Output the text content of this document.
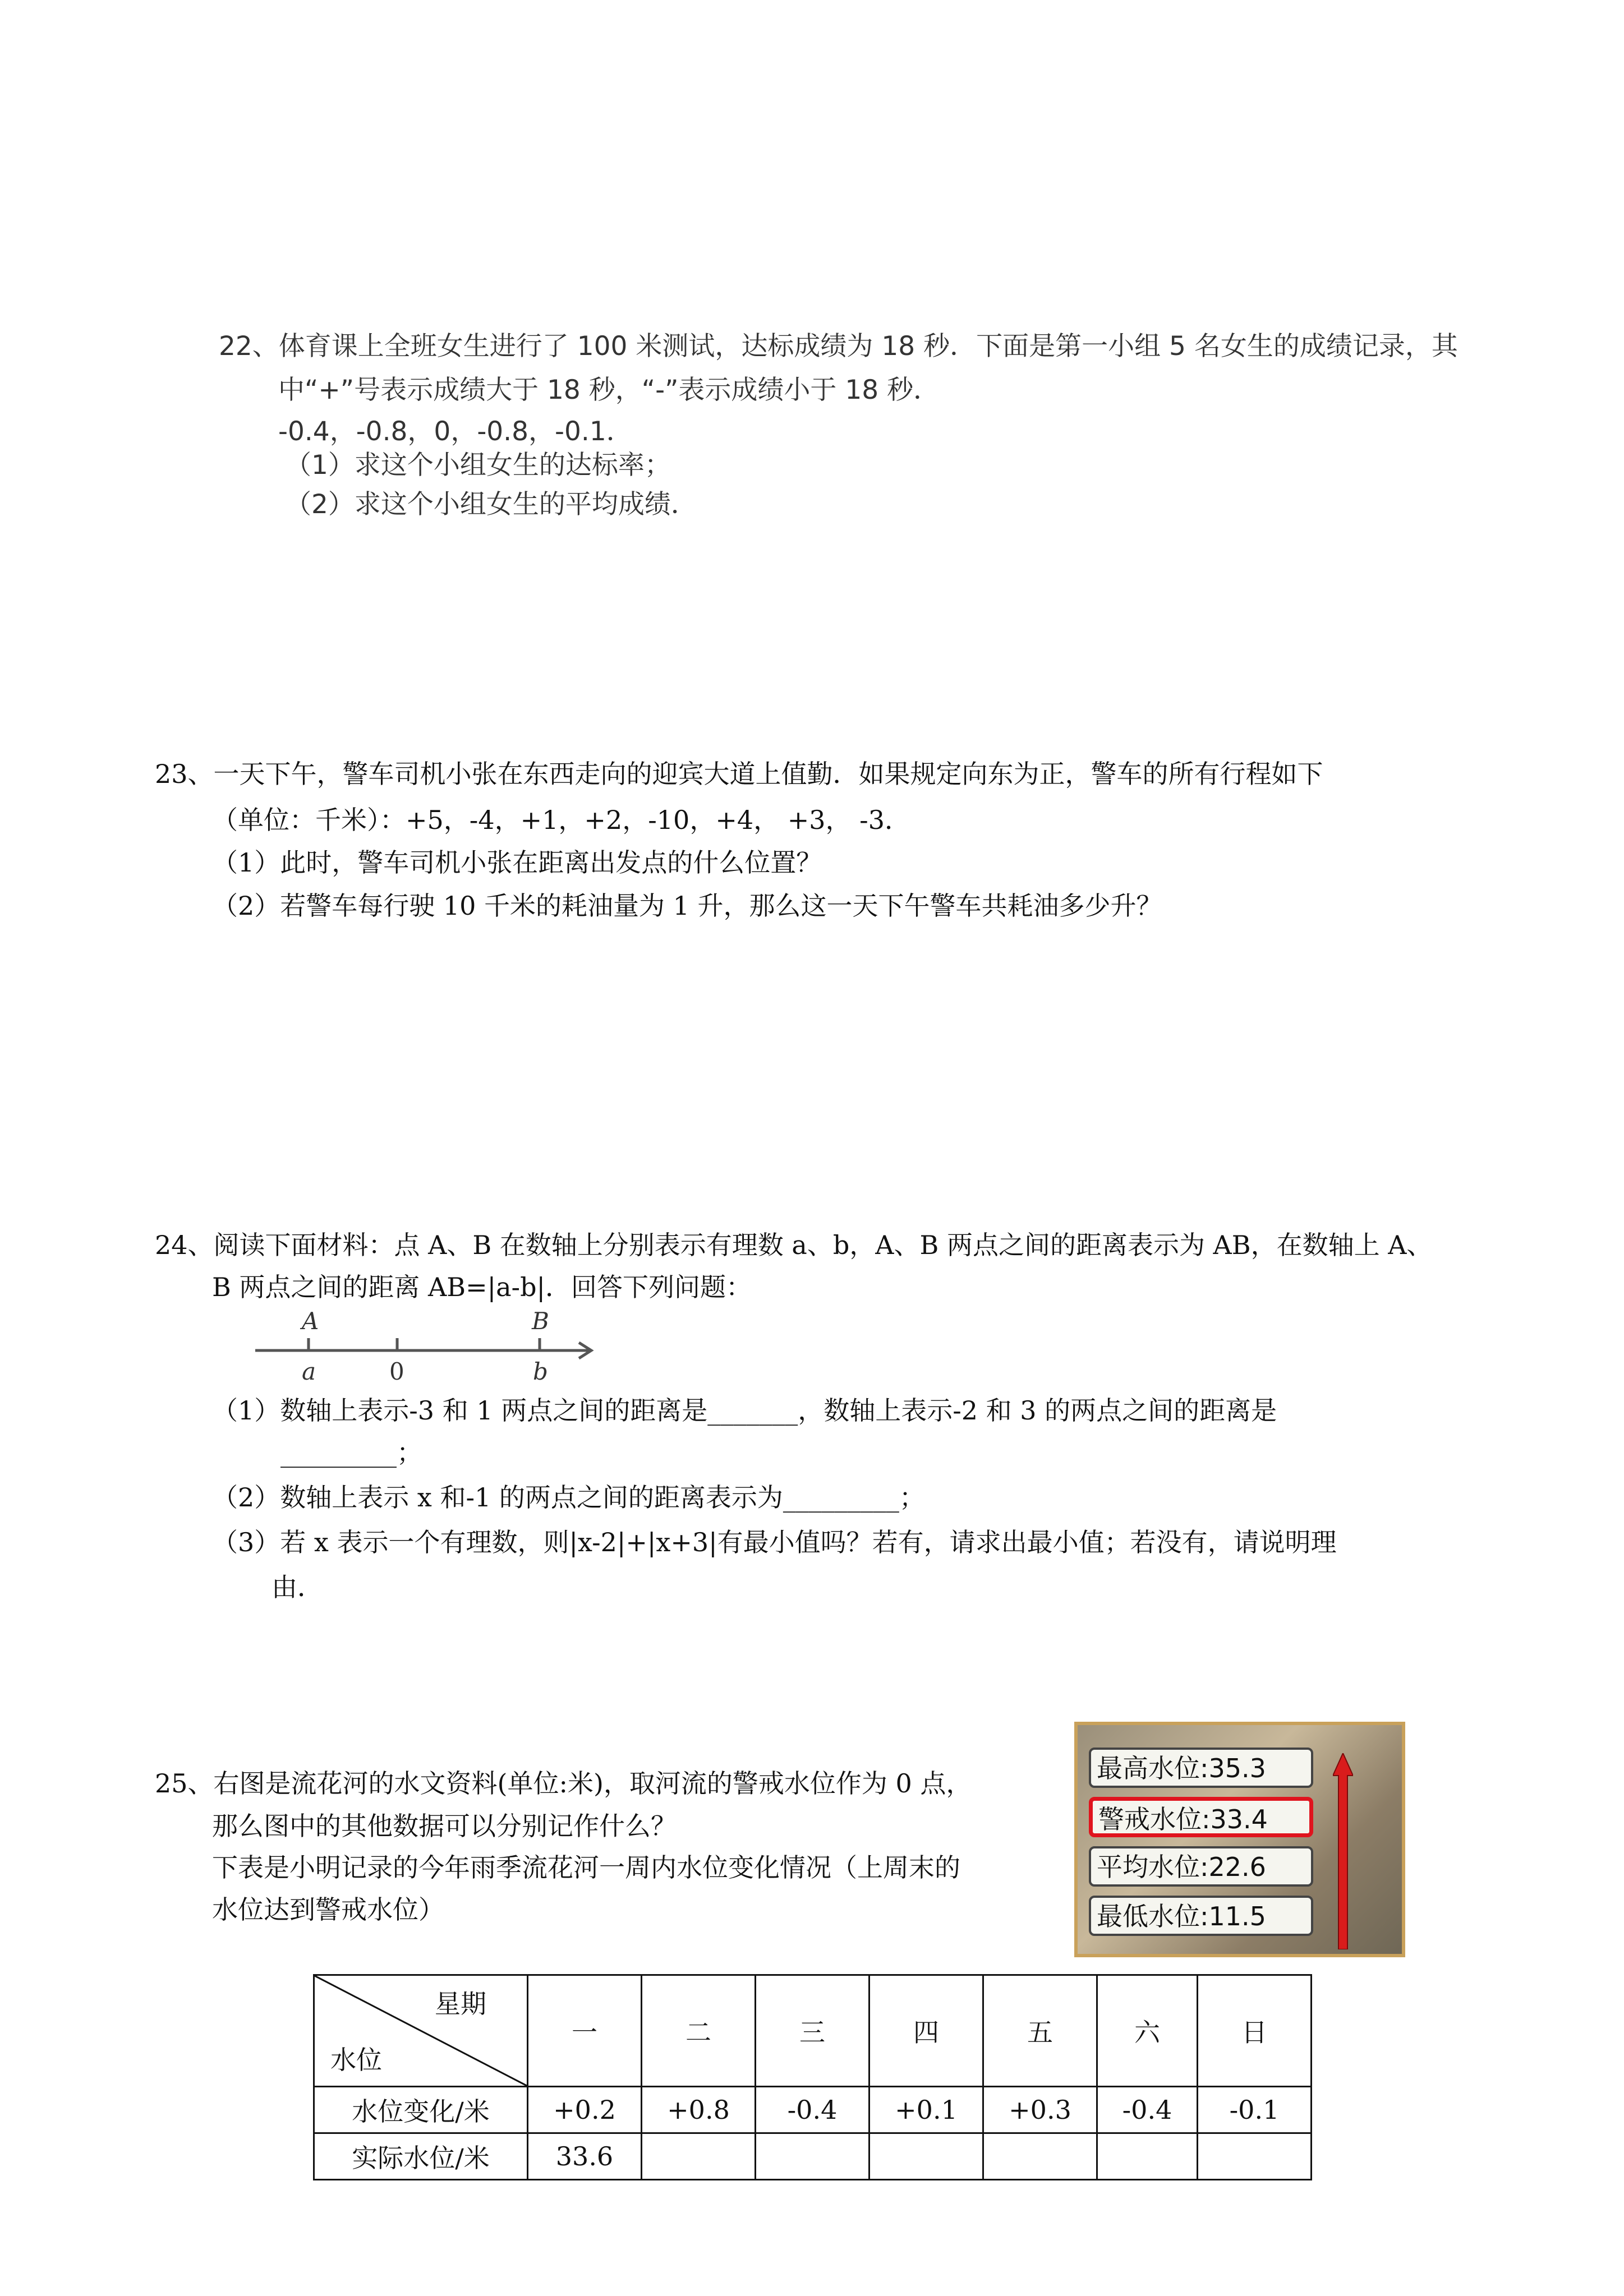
22、体育课上全班女生进行了 100 米测试，达标成绩为 18 秒．下面是第一小组 5 名女生的成绩记录，其
中“+”号表示成绩大于 18 秒，“-”表示成绩小于 18 秒．
-0.4，-0.8，0，-0.8，-0.1．
（1）求这个小组女生的达标率；
（2）求这个小组女生的平均成绩．
23、一天下午，警车司机小张在东西走向的迎宾大道上值勤．如果规定向东为正，警车的所有行程如下
（单位：千米）：+5，-4，+1，+2，-10，+4， +3， -3．
（1）此时，警车司机小张在距离出发点的什么位置？
（2）若警车每行驶 10 千米的耗油量为 1 升，那么这一天下午警车共耗油多少升？
24、阅读下面材料：点 A、B 在数轴上分别表示有理数 a、b，A、B 两点之间的距离表示为 AB，在数轴上 A、
B 两点之间的距离 AB=|a-b|．回答下列问题：
A	B
a	0	b
（1）数轴上表示-3 和 1 两点之间的距离是_______，数轴上表示-2 和 3 的两点之间的距离是
_________；
（2）数轴上表示 x 和-1 的两点之间的距离表示为_________；
（3）若 x 表示一个有理数，则|x-2|+|x+3|有最小值吗？若有，请求出最小值；若没有，请说明理
由．
25、右图是流花河的水文资料(单位:米)，取河流的警戒水位作为 0 点，
那么图中的其他数据可以分别记作什么？
下表是小明记录的今年雨季流花河一周内水位变化情况（上周末的
水位达到警戒水位）
最高水位:35.3
警戒水位:33.4
平均水位:22.6
最低水位:11.5
星期
水位	一	二	三	四	五	六	日
水位变化/米	+0.2	+0.8	-0.4	+0.1	+0.3	-0.4	-0.1
实际水位/米	33.6						
